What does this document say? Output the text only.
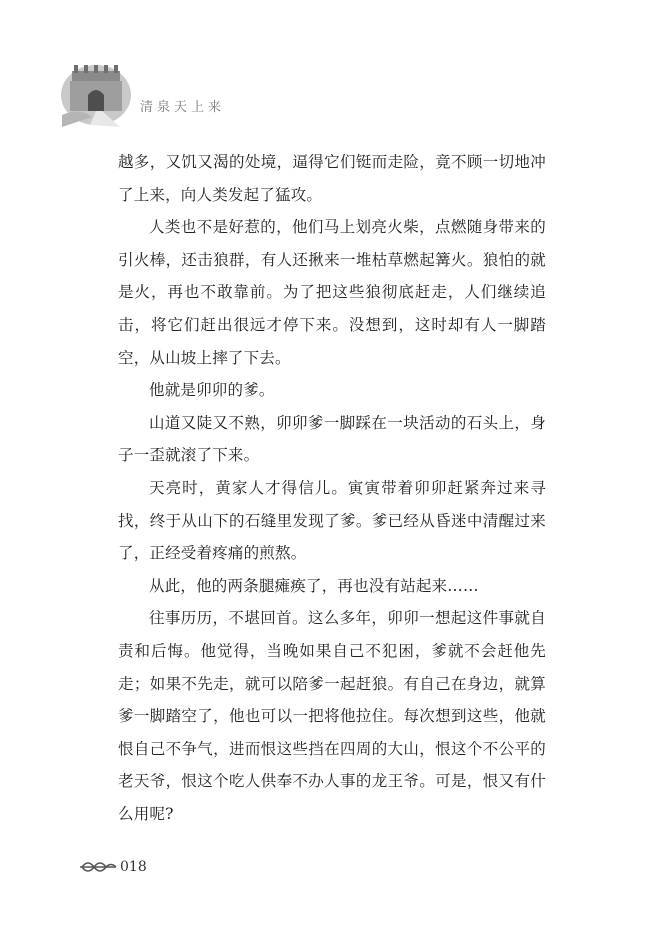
清泉天上来

越多，又饥又渴的处境，逼得它们铤而走险，竟不顾一切地冲了上来，向人类发起了猛攻。

人类也不是好惹的，他们马上划亮火柴，点燃随身带来的引火棒，还击狼群，有人还揪来一堆枯草燃起篝火。狼怕的就是火，再也不敢靠前。为了把这些狼彻底赶走，人们继续追击，将它们赶出很远才停下来。没想到，这时却有人一脚踏空，从山坡上摔了下去。

他就是卯卯的爹。

山道又陡又不熟，卯卯爹一脚踩在一块活动的石头上，身子一歪就滚了下来。

天亮时，黄家人才得信儿。寅寅带着卯卯赶紧奔过来寻找，终于从山下的石缝里发现了爹。爹已经从昏迷中清醒过来了，正经受着疼痛的煎熬。

从此，他的两条腿瘫痪了，再也没有站起来……

往事历历，不堪回首。这么多年，卯卯一想起这件事就自责和后悔。他觉得，当晚如果自己不犯困，爹就不会赶他先走；如果不先走，就可以陪爹一起赶狼。有自己在身边，就算爹一脚踏空了，他也可以一把将他拉住。每次想到这些，他就恨自己不争气，进而恨这些挡在四周的大山，恨这个不公平的老天爷，恨这个吃人供奉不办人事的龙王爷。可是，恨又有什么用呢?

018
